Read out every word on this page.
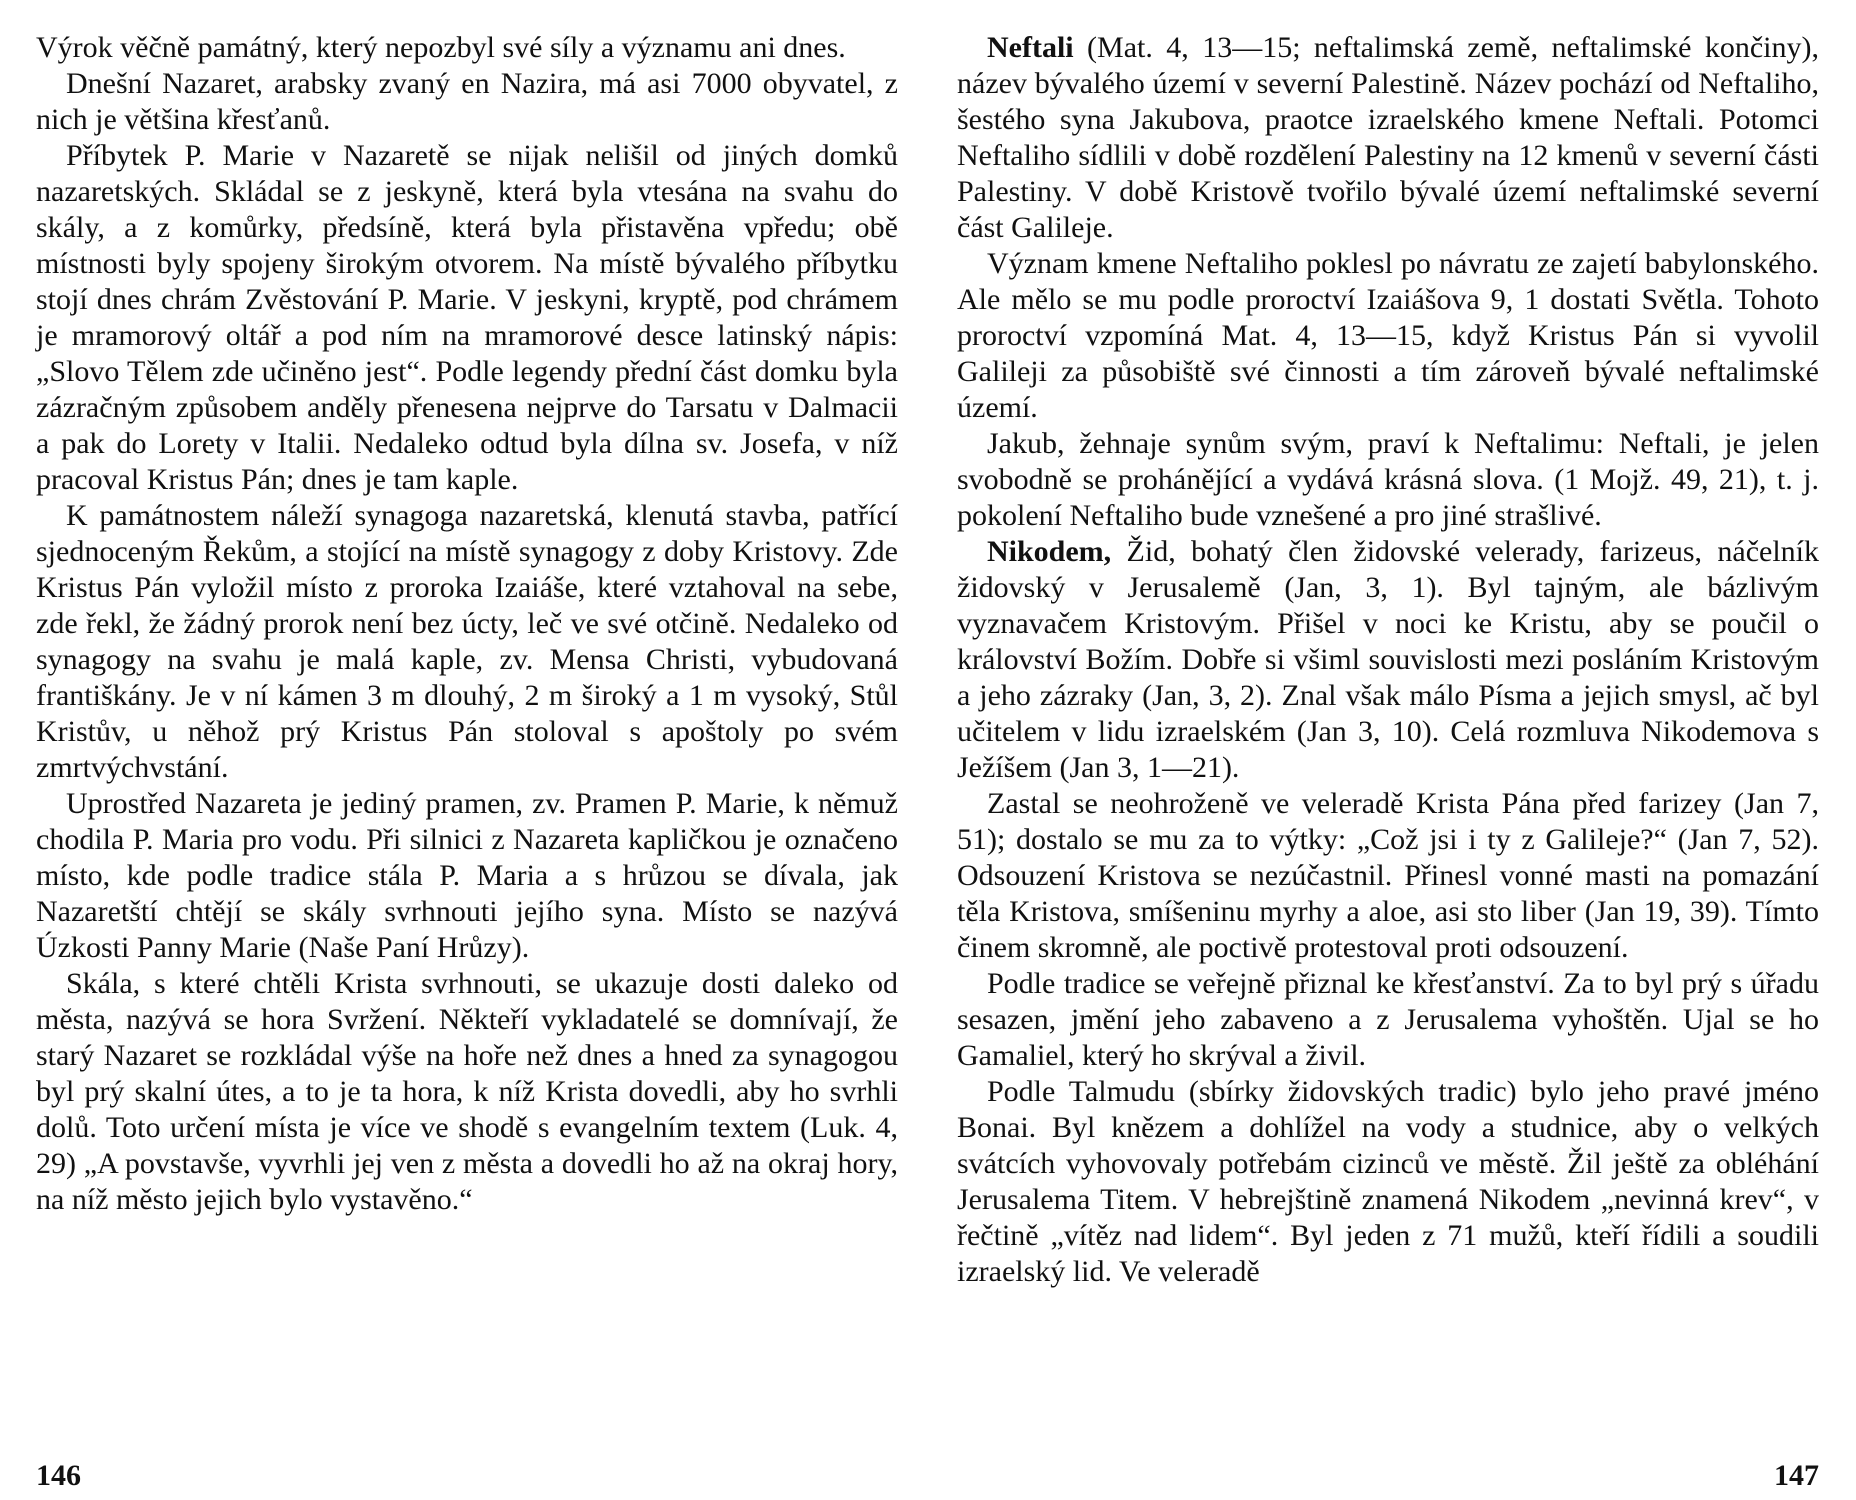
Výrok věčně památný, který nepozbyl své síly a významu ani dnes.

Dnešní Nazaret, arabsky zvaný en Nazira, má asi 7000 obyvatel, z nich je většina křesťanů.

Příbytek P. Marie v Nazaretě se nijak nelišil od jiných domků nazaretských. Skládal se z jeskyně, která byla vtesána na svahu do skály, a z komůrky, předsíně, která byla přistavěna vpředu; obě místnosti byly spojeny širokým otvorem. Na místě bývalého příbytku stojí dnes chrám Zvěstování P. Marie. V jeskyni, kryptě, pod chrámem je mramorový oltář a pod ním na mramorové desce latinský nápis: „Slovo Tělem zde učiněno jest“. Podle legendy přední část domku byla zázračným způsobem anděly přenesena nejprve do Tarsatu v Dalmacii a pak do Lorety v Italii. Nedaleko odtud byla dílna sv. Josefa, v níž pracoval Kristus Pán; dnes je tam kaple.

K památnostem náleží synagoga nazaretská, klenutá stavba, patřící sjednoceným Řekům, a stojící na místě synagogy z doby Kristovy. Zde Kristus Pán vyložil místo z proroka Izaiáše, které vztahoval na sebe, zde řekl, že žádný prorok není bez úcty, leč ve své otčině. Nedaleko od synagogy na svahu je malá kaple, zv. Mensa Christi, vybudovaná františkány. Je v ní kámen 3 m dlouhý, 2 m široký a 1 m vysoký, Stůl Kristův, u něhož prý Kristus Pán stoloval s apoštoly po svém zmrtvýchvstání.

Uprostřed Nazareta je jediný pramen, zv. Pramen P. Marie, k němuž chodila P. Maria pro vodu. Při silnici z Nazareta kapličkou je označeno místo, kde podle tradice stála P. Maria a s hrůzou se dívala, jak Nazaretští chtějí se skály svrhnouti jejího syna. Místo se nazývá Úzkosti Panny Marie (Naše Paní Hrůzy).

Skála, s které chtěli Krista svrhnouti, se ukazuje dosti daleko od města, nazývá se hora Svržení. Někteří vykladatelé se domnívají, že starý Nazaret se rozkládal výše na hoře než dnes a hned za synagogou byl prý skalní útes, a to je ta hora, k níž Krista dovedli, aby ho svrhli dolů. Toto určení místa je více ve shodě s evangelním textem (Luk. 4, 29) „A povstavše, vyvrhli jej ven z města a dovedli ho až na okraj hory, na níž město jejich bylo vystavěno.“

146

Neftali (Mat. 4, 13—15; neftalimská země, neftalimské končiny), název bývalého území v severní Palestině. Název pochází od Neftaliho, šestého syna Jakubova, praotce izraelského kmene Neftali. Potomci Neftaliho sídlili v době rozdělení Palestiny na 12 kmenů v severní části Palestiny. V době Kristově tvořilo bývalé území neftalimské severní část Galileje.

Význam kmene Neftaliho poklesl po návratu ze zajetí babylonského. Ale mělo se mu podle proroctví Izaiášova 9, 1 dostati Světla. Tohoto proroctví vzpomíná Mat. 4, 13—15, když Kristus Pán si vyvolil Galileji za působiště své činnosti a tím zároveň bývalé neftalimské území.

Jakub, žehnaje synům svým, praví k Neftalimu: Neftali, je jelen svobodně se prohánějící a vydává krásná slova. (1 Mojž. 49, 21), t. j. pokolení Neftaliho bude vznešené a pro jiné strašlivé.

Nikodem, Žid, bohatý člen židovské velerady, farizeus, náčelník židovský v Jerusalemě (Jan, 3, 1). Byl tajným, ale bázlivým vyznavačem Kristovým. Přišel v noci ke Kristu, aby se poučil o království Božím. Dobře si všiml souvislosti mezi posláním Kristovým a jeho zázraky (Jan, 3, 2). Znal však málo Písma a jejich smysl, ač byl učitelem v lidu izraelském (Jan 3, 10). Celá rozmluva Nikodemova s Ježíšem (Jan 3, 1—21).

Zastal se neohroženě ve veleradě Krista Pána před farizey (Jan 7, 51); dostalo se mu za to výtky: „Což jsi i ty z Galileje?“ (Jan 7, 52). Odsouzení Kristova se nezúčastnil. Přinesl vonné masti na pomazání těla Kristova, smíšeninu myrhy a aloe, asi sto liber (Jan 19, 39). Tímto činem skromně, ale poctivě protestoval proti odsouzení.

Podle tradice se veřejně přiznal ke křesťanství. Za to byl prý s úřadu sesazen, jmění jeho zabaveno a z Jerusalema vyhoštěn. Ujal se ho Gamaliel, který ho skrýval a živil.

Podle Talmudu (sbírky židovských tradic) bylo jeho pravé jméno Bonai. Byl knězem a dohlížel na vody a studnice, aby o velkých svátcích vyhovovaly potřebám cizinců ve městě. Žil ještě za obléhání Jerusalema Titem. V hebrejštině znamená Nikodem „nevinná krev“, v řečtině „vítěz nad lidem“. Byl jeden z 71 mužů, kteří řídili a soudili izraelský lid. Ve veleradě

147
